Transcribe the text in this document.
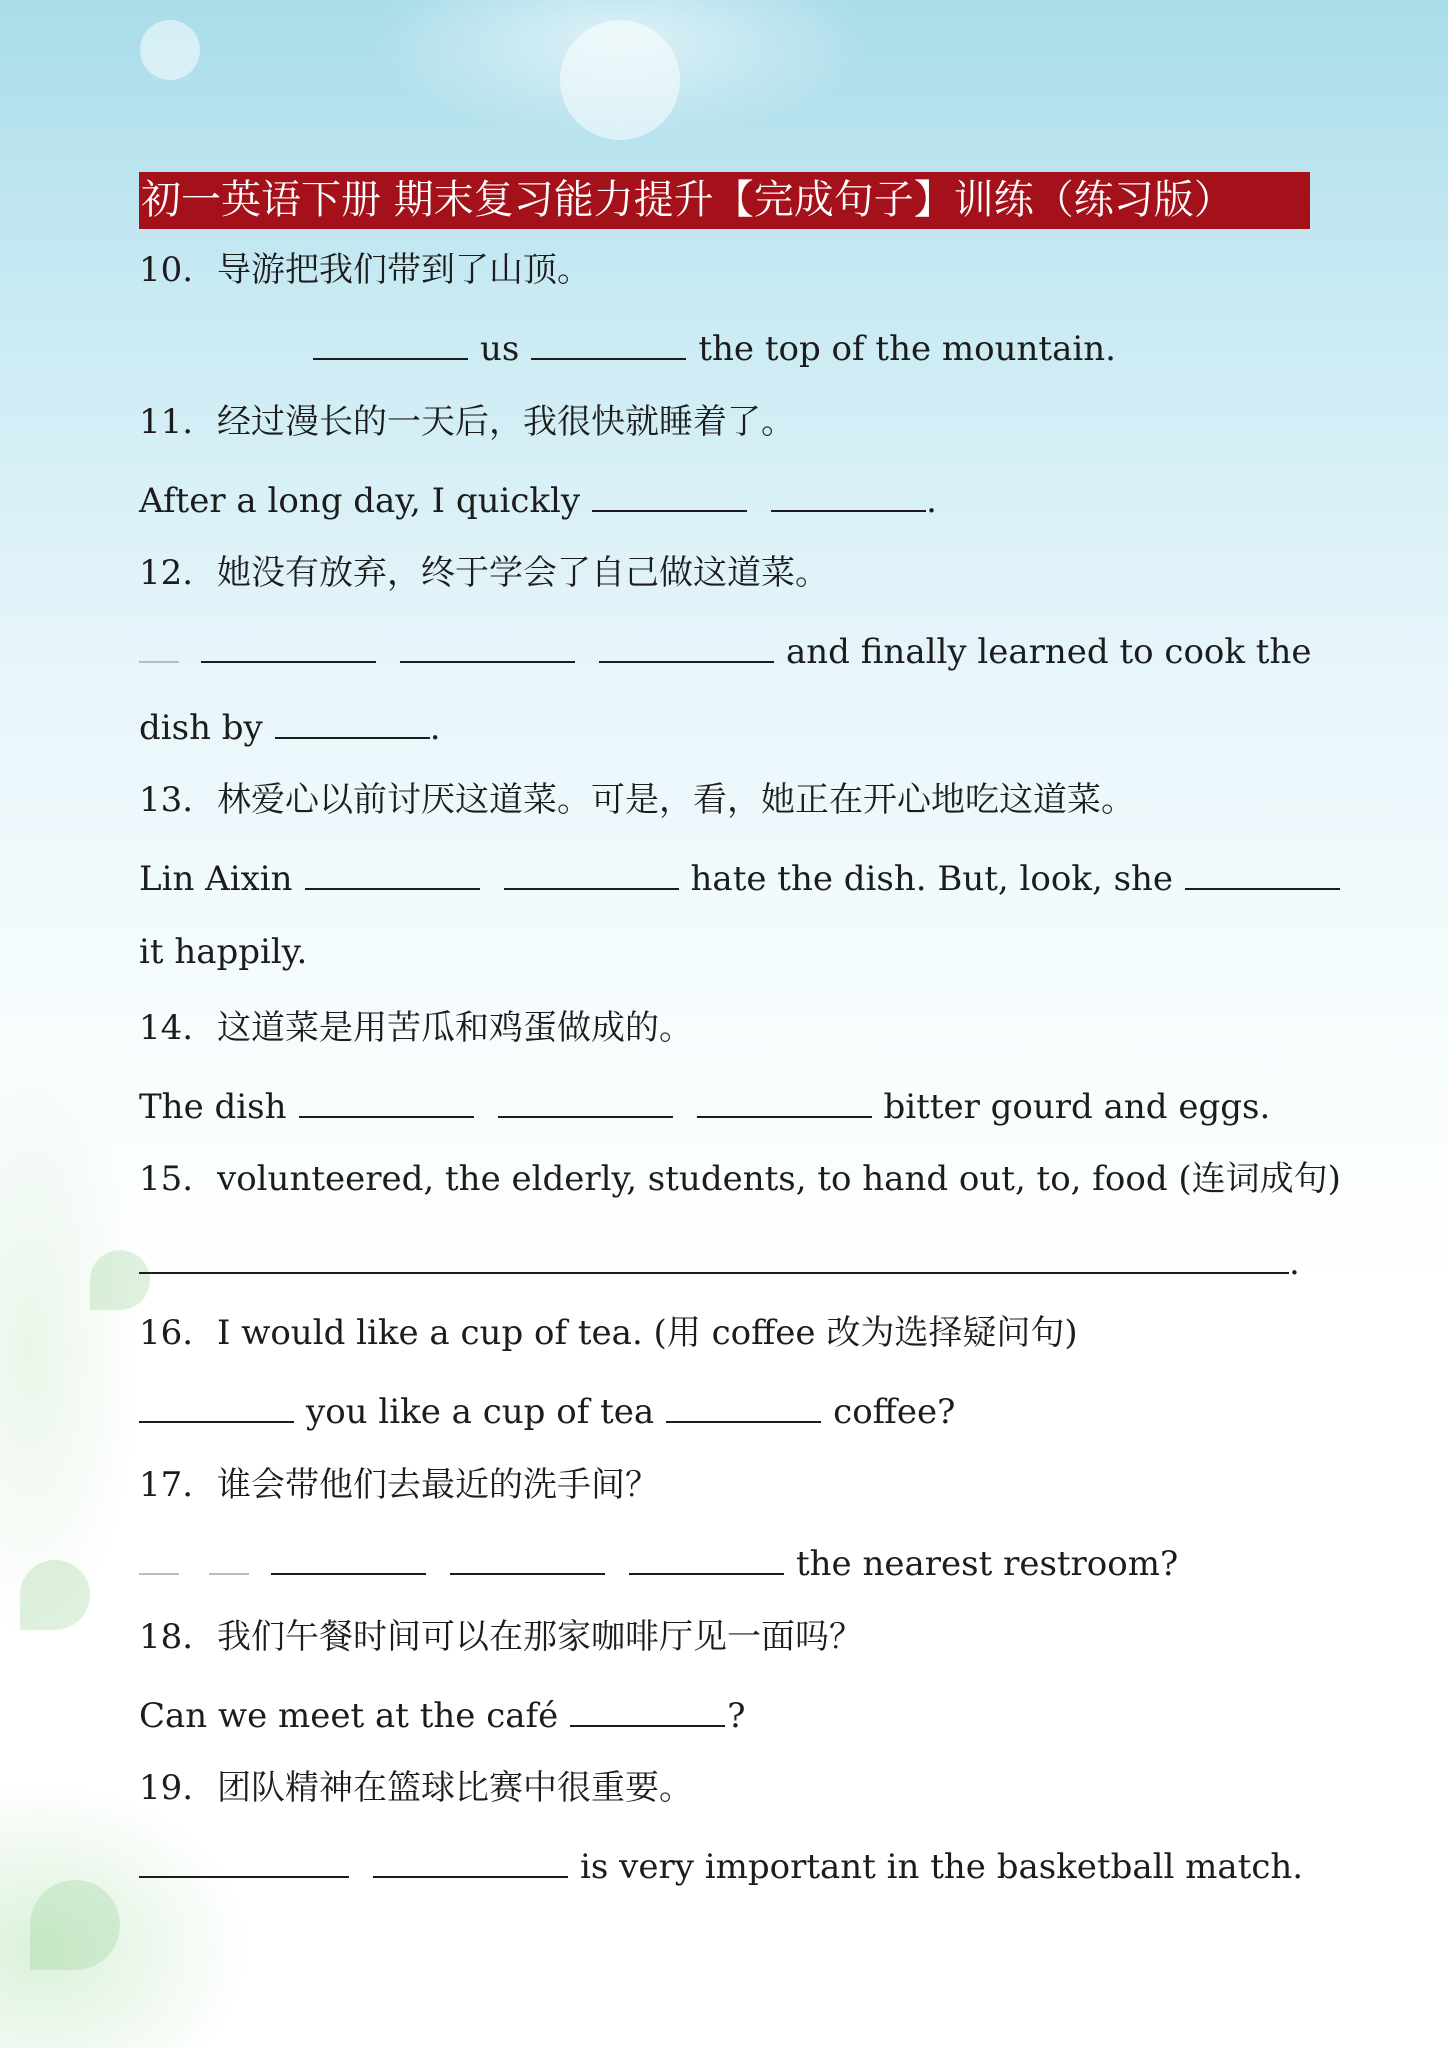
初一英语下册 期末复习能力提升【完成句子】训练（练习版）
10. 导游把我们带到了山顶。
us	the top of the mountain.
11. 经过漫长的一天后，我很快就睡着了。
After a long day, I quickly	.
12. 她没有放弃，终于学会了自己做这道菜。
and finally learned to cook the
dish by	.
13. 林爱心以前讨厌这道菜。可是，看，她正在开心地吃这道菜。
Lin Aixin	hate the dish. But, look, she
it happily.
14. 这道菜是用苦瓜和鸡蛋做成的。
The dish	bitter gourd and eggs.
15. volunteered, the elderly, students, to hand out, to, food (连词成句)
.
16. I would like a cup of tea. (用 coffee 改为选择疑问句)
you like a cup of tea	coffee?
17. 谁会带他们去最近的洗手间？
the nearest restroom?
18. 我们午餐时间可以在那家咖啡厅见一面吗？
Can we meet at the café	?
19. 团队精神在篮球比赛中很重要。
is very important in the basketball match.
